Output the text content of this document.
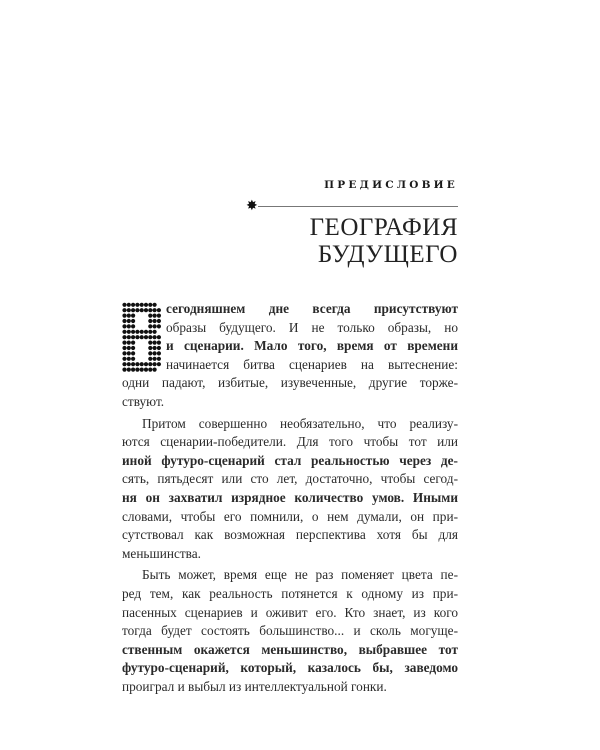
ПРЕДИСЛОВИЕ
✸
ГЕОГРАФИЯ
БУДУЩЕГО
сегодняшнем дне всегда присутствуют
образы будущего. И не только образы, но
и сценарии. Мало того, время от времени
начинается битва сценариев на вытеснение:
одни падают, избитые, изувеченные, другие торже-
ствуют.
Притом совершенно необязательно, что реализу-
ются сценарии-победители. Для того чтобы тот или
иной футуро-сценарий стал реальностью через де-
сять, пятьдесят или сто лет, достаточно, чтобы сегод-
ня он захватил изрядное количество умов. Иными
словами, чтобы его помнили, о нем думали, он при-
сутствовал как возможная перспектива хотя бы для
меньшинства.
Быть может, время еще не раз поменяет цвета пе-
ред тем, как реальность потянется к одному из при-
пасенных сценариев и оживит его. Кто знает, из кого
тогда будет состоять большинство... и сколь могуще-
ственным окажется меньшинство, выбравшее тот
футуро-сценарий, который, казалось бы, заведомо
проиграл и выбыл из интеллектуальной гонки.
